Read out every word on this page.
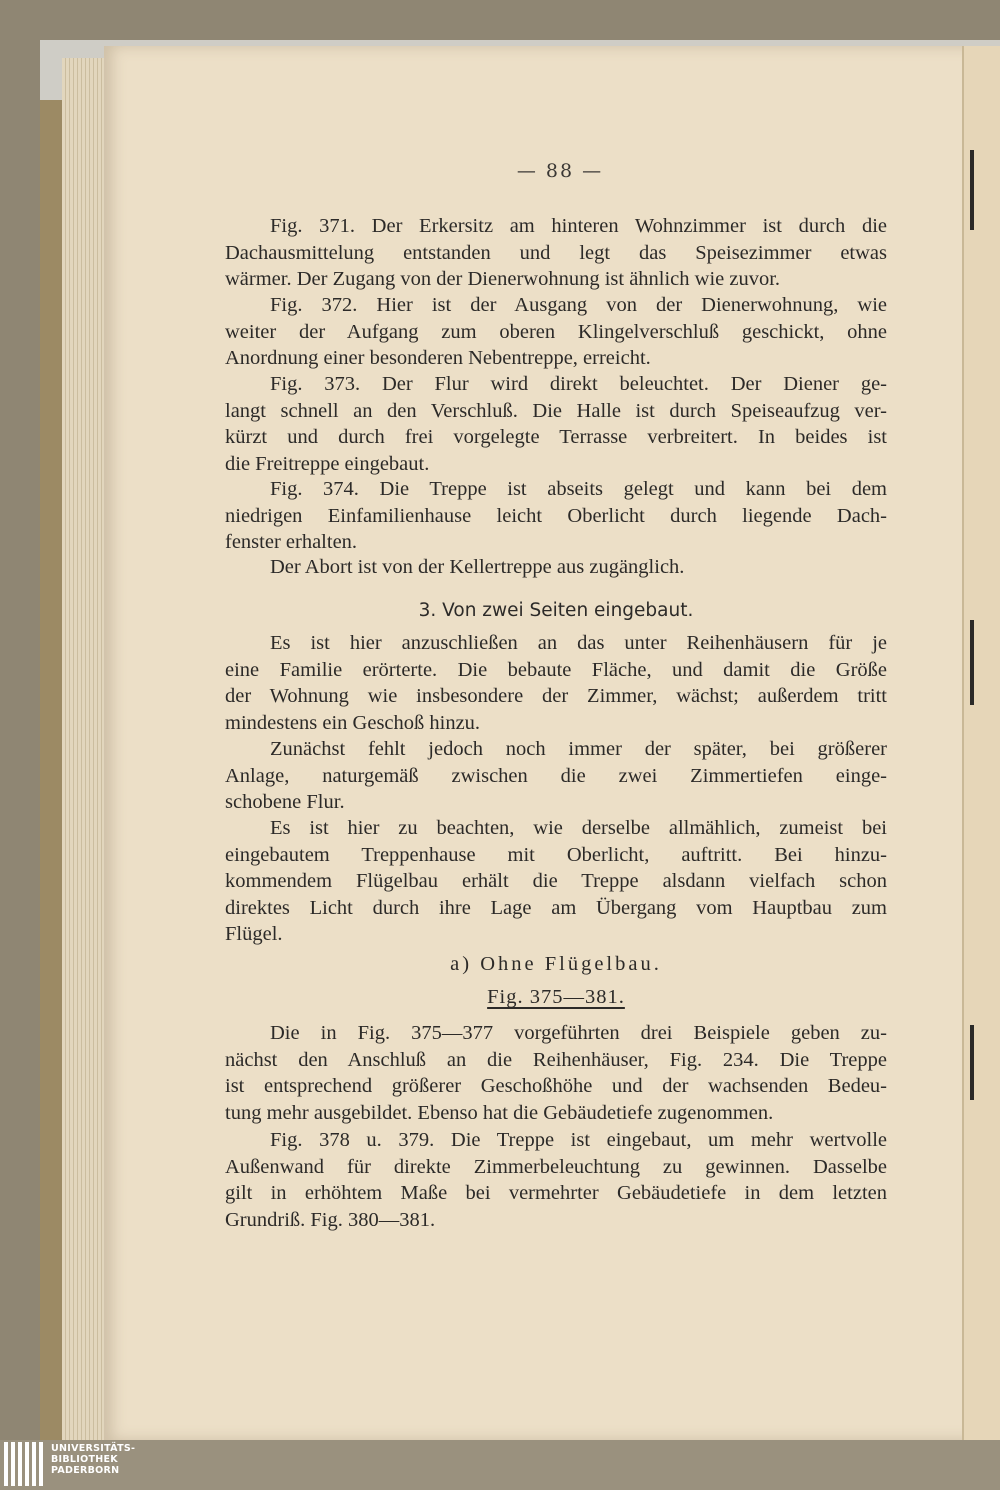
— 88 —
Fig. 371. Der Erkersitz am hinteren Wohnzimmer ist durch die
Dachausmittelung entstanden und legt das Speisezimmer etwas
wärmer. Der Zugang von der Dienerwohnung ist ähnlich wie zuvor.
Fig. 372. Hier ist der Ausgang von der Dienerwohnung, wie
weiter der Aufgang zum oberen Klingelverschluß geschickt, ohne
Anordnung einer besonderen Nebentreppe, erreicht.
Fig. 373. Der Flur wird direkt beleuchtet. Der Diener ge-
langt schnell an den Verschluß. Die Halle ist durch Speiseaufzug ver-
kürzt und durch frei vorgelegte Terrasse verbreitert. In beides ist
die Freitreppe eingebaut.
Fig. 374. Die Treppe ist abseits gelegt und kann bei dem
niedrigen Einfamilienhause leicht Oberlicht durch liegende Dach-
fenster erhalten.
Der Abort ist von der Kellertreppe aus zugänglich.
3. Von zwei Seiten eingebaut.
Es ist hier anzuschließen an das unter Reihenhäusern für je
eine Familie erörterte. Die bebaute Fläche, und damit die Größe
der Wohnung wie insbesondere der Zimmer, wächst; außerdem tritt
mindestens ein Geschoß hinzu.
Zunächst fehlt jedoch noch immer der später, bei größerer
Anlage, naturgemäß zwischen die zwei Zimmertiefen einge-
schobene Flur.
Es ist hier zu beachten, wie derselbe allmählich, zumeist bei
eingebautem Treppenhause mit Oberlicht, auftritt. Bei hinzu-
kommendem Flügelbau erhält die Treppe alsdann vielfach schon
direktes Licht durch ihre Lage am Übergang vom Hauptbau zum
Flügel.
a) Ohne Flügelbau.
Fig. 375—381.
Die in Fig. 375—377 vorgeführten drei Beispiele geben zu-
nächst den Anschluß an die Reihenhäuser, Fig. 234. Die Treppe
ist entsprechend größerer Geschoßhöhe und der wachsenden Bedeu-
tung mehr ausgebildet. Ebenso hat die Gebäudetiefe zugenommen.
Fig. 378 u. 379. Die Treppe ist eingebaut, um mehr wertvolle
Außenwand für direkte Zimmerbeleuchtung zu gewinnen. Dasselbe
gilt in erhöhtem Maße bei vermehrter Gebäudetiefe in dem letzten
Grundriß. Fig. 380—381.
UNIVERSITÄTS-
BIBLIOTHEK
PADERBORN
